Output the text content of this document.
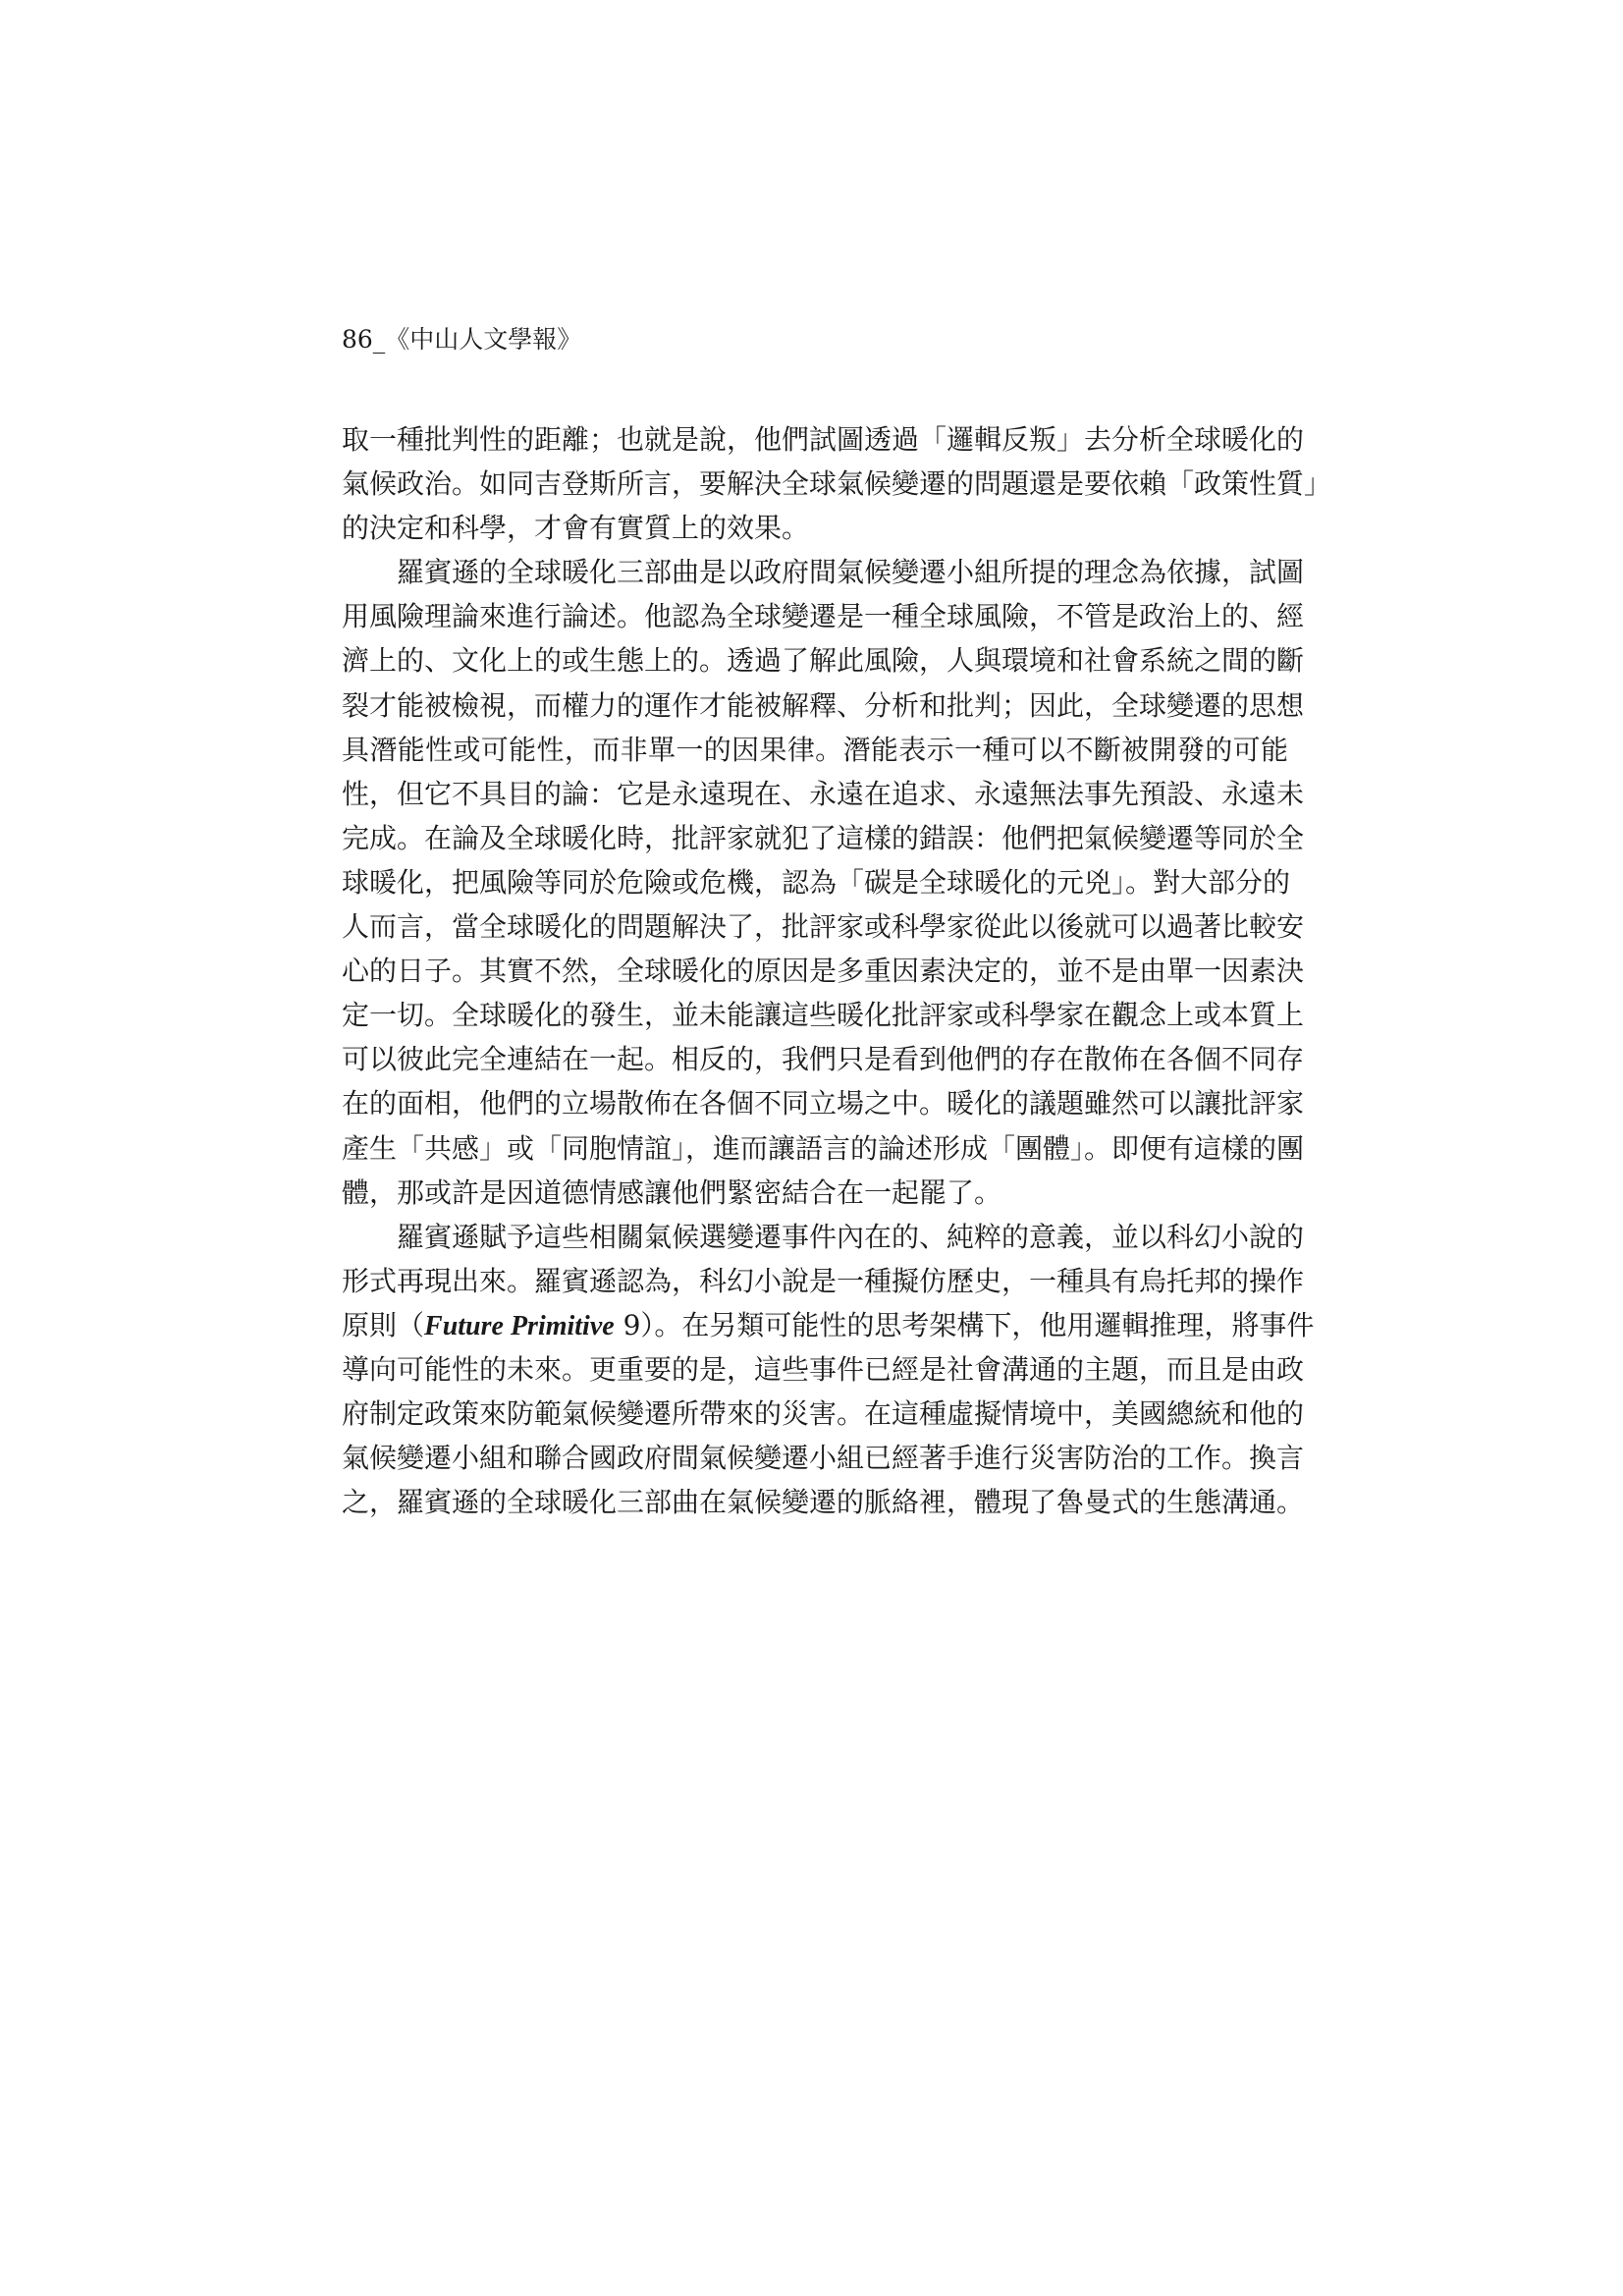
86_《中山人文學報》
取一種批判性的距離；也就是說，他們試圖透過「邏輯反叛」去分析全球暖化的
氣候政治。如同吉登斯所言，要解決全球氣候變遷的問題還是要依賴「政策性質」
的決定和科學，才會有實質上的效果。
羅賓遜的全球暖化三部曲是以政府間氣候變遷小組所提的理念為依據，試圖
用風險理論來進行論述。他認為全球變遷是一種全球風險，不管是政治上的、經
濟上的、文化上的或生態上的。透過了解此風險，人與環境和社會系統之間的斷
裂才能被檢視，而權力的運作才能被解釋、分析和批判；因此，全球變遷的思想
具潛能性或可能性，而非單一的因果律。潛能表示一種可以不斷被開發的可能
性，但它不具目的論：它是永遠現在、永遠在追求、永遠無法事先預設、永遠未
完成。在論及全球暖化時，批評家就犯了這樣的錯誤：他們把氣候變遷等同於全
球暖化，把風險等同於危險或危機，認為「碳是全球暖化的元兇」。對大部分的
人而言，當全球暖化的問題解決了，批評家或科學家從此以後就可以過著比較安
心的日子。其實不然，全球暖化的原因是多重因素決定的，並不是由單一因素決
定一切。全球暖化的發生，並未能讓這些暖化批評家或科學家在觀念上或本質上
可以彼此完全連結在一起。相反的，我們只是看到他們的存在散佈在各個不同存
在的面相，他們的立場散佈在各個不同立場之中。暖化的議題雖然可以讓批評家
產生「共感」或「同胞情誼」，進而讓語言的論述形成「團體」。即便有這樣的團
體，那或許是因道德情感讓他們緊密結合在一起罷了。
羅賓遜賦予這些相關氣候選變遷事件內在的、純粹的意義，並以科幻小說的
形式再現出來。羅賓遜認為，科幻小說是一種擬仿歷史，一種具有烏托邦的操作
原則（Future Primitive 9）。在另類可能性的思考架構下，他用邏輯推理，將事件
導向可能性的未來。更重要的是，這些事件已經是社會溝通的主題，而且是由政
府制定政策來防範氣候變遷所帶來的災害。在這種虛擬情境中，美國總統和他的
氣候變遷小組和聯合國政府間氣候變遷小組已經著手進行災害防治的工作。換言
之，羅賓遜的全球暖化三部曲在氣候變遷的脈絡裡，體現了魯曼式的生態溝通。
